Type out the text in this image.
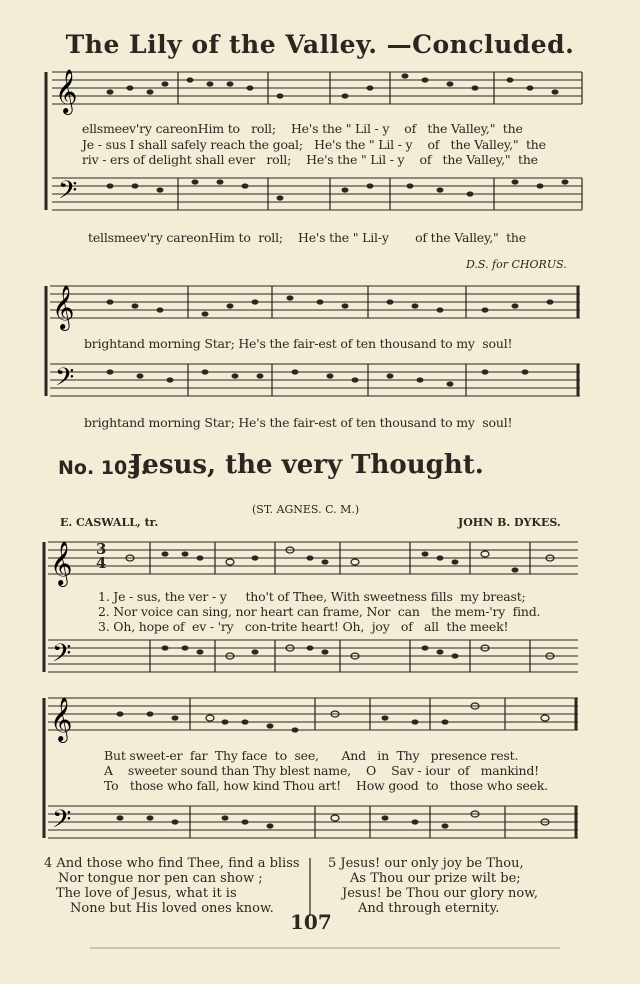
The Lily of the Valley. —Concluded.
𝄞
𝄢
𝄞
𝄢
𝄞
𝄢
𝄞
𝄢
ellsmeev'ry careonHim to   roll;    He's the " Lil - y    of   the Valley,"  the
Je - sus I shall safely reach the goal;   He's the " Lil - y    of   the Valley,"  the
riv - ers of delight shall ever   roll;    He's the " Lil - y    of   the Valley,"  the
tellsmeev'ry careonHim to  roll;    He's the " Lil-y       of the Valley,"  the
D.S. for CHORUS.
brightand morning Star; He's the fair-est of ten thousand to my  soul!
brightand morning Star; He's the fair-est of ten thousand to my  soul!
No. 103.
Jesus, the very Thought.
(ST. AGNES. C. M.)
E. CASWALL, tr.	JOHN B. DYKES.
3
4
1. Je - sus, the ver - y     tho't of Thee, With sweetness fills  my breast;
2. Nor voice can sing, nor heart can frame, Nor  can   the mem-'ry  find.
3. Oh, hope of  ev - 'ry   con-trite heart! Oh,  joy   of   all  the meek!
But sweet-er  far  Thy face  to  see,      And   in  Thy   presence rest.
A    sweeter sound than Thy blest name,    O    Sav - iour  of   mankind!
To   those who fall, how kind Thou art!    How good  to   those who seek.
4 And those who find Thee, find a bliss
Nor tongue nor pen can show ;
The love of Jesus, what it is
None but His loved ones know.
5 Jesus! our only joy be Thou,
As Thou our prize wilt be;
Jesus! be Thou our glory now,
And through eternity.
107
